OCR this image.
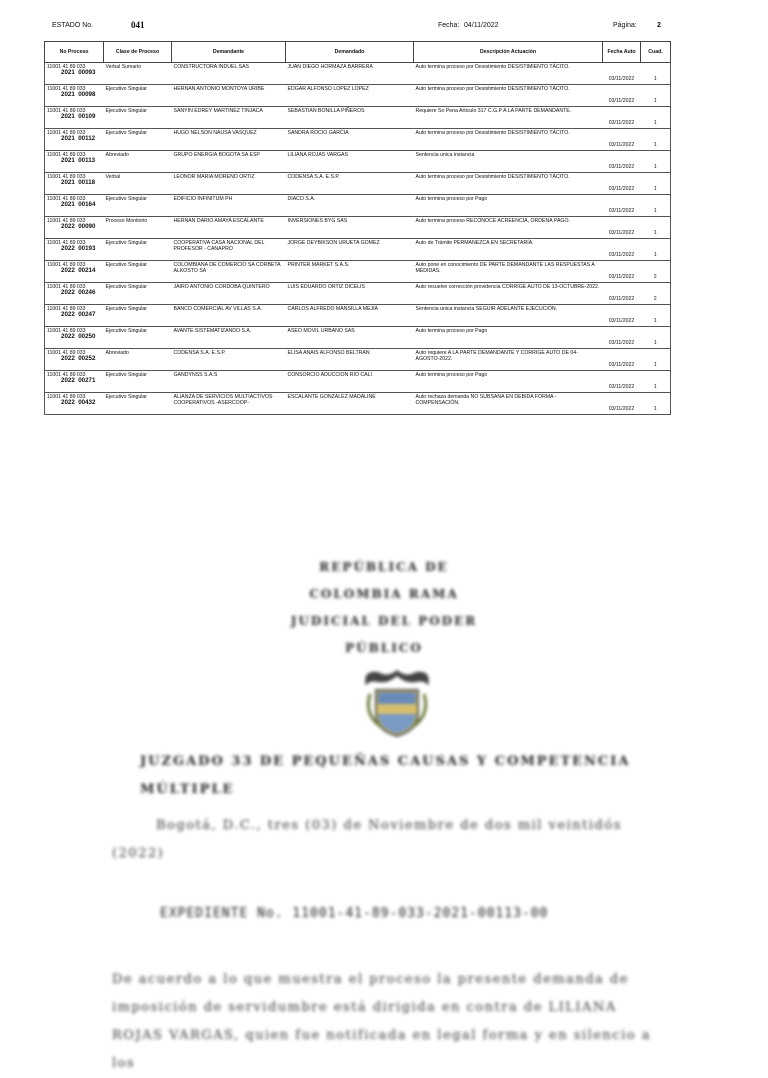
ESTADO No.	041	Fecha: 04/11/2022	Página:	2
No Proceso	Clase de Proceso	Demandante	Demandado	Descripción Actuación	Fecha Auto	Cuad.

11001 41 89 033
2021 00093	Verbal Sumario	CONSTRUCTORA INDUEL SAS	JUAN DIEGO HORMAZA BARRERA	Auto termina proceso por Desistimiento DESISTIMIENTO TÁCITO.	03/11/2022	1

11001 41 89 033
2021 00098	Ejecutivo Singular	HERNAN ANTONIO MONTOYA URIBE	EDGAR ALFONSO LOPEZ LOPEZ	Auto termina proceso por Desistimiento DESISTIMIENTO TÁCITO.	03/11/2022	1

11001 41 89 033
2021 00109	Ejecutivo Singular	SANYIN EDREY MARTINEZ TINJACA	SEBASTIAN BONILLA PIÑEROS	Requiere So Pena Articulo 317 C.G.P A LA PARTE DEMANDANTE.	03/11/2022	1

11001 41 89 033
2021 00112	Ejecutivo Singular	HUGO NELSON NAUSA VASQUEZ	SANDRA ROCIO GARCIA	Auto termina proceso por Desistimiento DESISTIMIENTO TÁCITO.	03/11/2022	1

11001 41 89 033
2021 00113	Abreviado	GRUPO ENERGIA BOGOTA SA ESP	LILIANA ROJAS VARGAS	Sentencia unica instancia	03/11/2022	1

11001 41 89 033
2021 00118	Verbal	LEONOR MARIA MORENO ORTIZ	CODENSA S.A. E.S.P.	Auto termina proceso por Desistimiento DESISTIMIENTO TÁCITO.	03/11/2022	1

11001 41 89 033
2021 00164	Ejecutivo Singular	EDIFICIO INFINITUM PH	DIACO S.A.	Auto termina proceso por Pago	03/11/2022	1

11001 41 89 033
2022 00090	Proceso Monitorio	HERNAN DARIO AMAYA ESCALANTE	INVERSIONES BYG SAS	Auto termina proceso RECONOCE ACREENCIA, ORDENA PAGO.	03/11/2022	1

11001 41 89 033
2022 00193	Ejecutivo Singular	COOPERATIVA CASA NACIONAL DEL PROFESOR - CANAPRO	JORGE DEYBIKSON URUETA GOMEZ	Auto de Trámite PERMANEZCA EN SECRETARÍA.	03/11/2022	1

11001 41 89 033
2022 00214	Ejecutivo Singular	COLOMBIANA DE COMERCIO SA CORBETA ALKOSTO SA	PRINTER MARKET S.A.S.	Auto pone en conocimiento DE PARTE DEMANDANTE LAS RESPUESTAS A MEDIDAS.	03/11/2022	2

11001 41 89 033
2022 00246	Ejecutivo Singular	JAIRO ANTONIO CORDOBA QUINTERO	LUIS EDUARDO ORTIZ DICELIS	Auto resuelve corrección providencia CORRIGE AUTO DE 13-OCTUBRE-2022.	03/11/2022	2

11001 41 89 033
2022 00247	Ejecutivo Singular	BANCO COMERCIAL AV VILLAS S.A.	CARLOS ALFREDO MANSILLA MEJIA	Sentencia unica instancia SEGUIR ADELANTE EJECUCIÓN.	03/11/2022	1

11001 41 89 033
2022 00250	Ejecutivo Singular	AVANTE SISTEMATIZANDO S.A.	ASEO MOVIL URBANO SAS	Auto termina proceso por Pago	03/11/2022	1

11001 41 89 033
2022 00252	Abreviado	CODENSA S.A. E.S.P.	ELISA ANAIS ALFONSO BELTRAN	Auto requiere A LA PARTE DEMANDANTE Y CORRIGE AUTO DE 04-AGOSTO-2022.	03/11/2022	1

11001 41 89 033
2022 00271	Ejecutivo Singular	GANDYNSS S.A.S	CONSORCIO ADUCCION RIO CALI	Auto termina proceso por Pago	03/11/2022	1

11001 41 89 033
2022 00432	Ejecutivo Singular	ALIANZA DE SERVICIOS MULTIACTIVOS COOPERATIVOS -ASERCOOP-	ESCALANTE GONZALEZ MADALINE	Auto rechaza demanda NO SUBSANA EN DEBIDA FORMA - COMPENSACIÓN.	03/11/2022	1
REPÚBLICA DE
COLOMBIA RAMA
JUDICIAL DEL PODER
PÚBLICO
JUZGADO 33 DE PEQUEÑAS CAUSAS Y COMPETENCIA MÚLTIPLE
Bogotá, D.C., tres (03) de Noviembre de dos mil veintidós (2022)
EXPEDIENTE No. 11001-41-89-033-2021-00113-00
De acuerdo a lo que muestra el proceso la presente demanda de imposición de servidumbre está dirigida en contra de LILIANA ROJAS VARGAS, quien fue notificada en legal forma y en silencio a los
